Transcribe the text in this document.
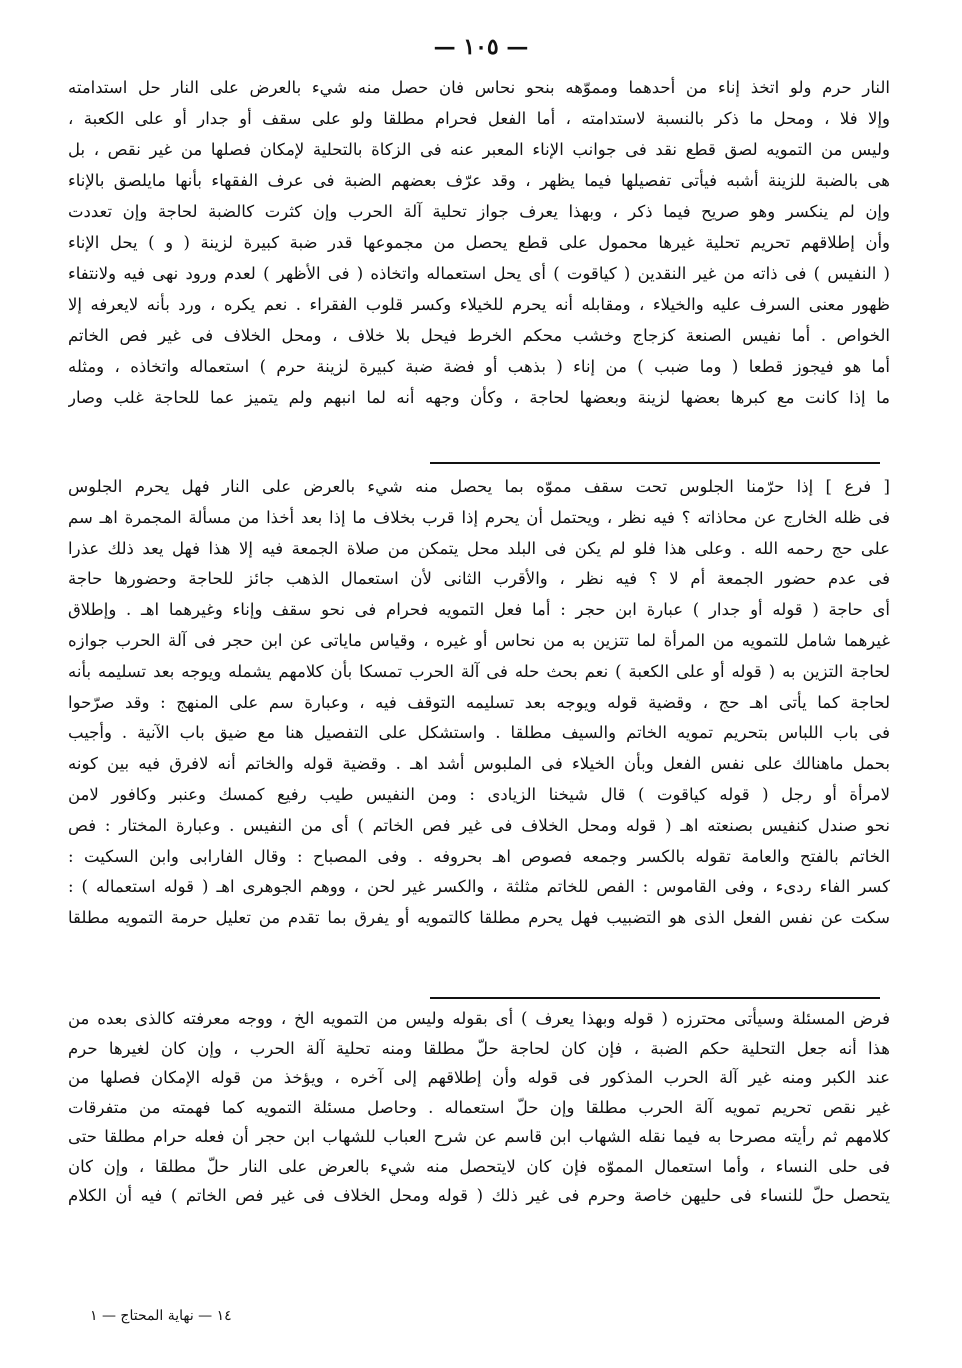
— ١٠٥ —
النار حرم ولو اتخذ إناء من أحدهما ومموّهه بنحو نحاس فان حصل منه شيء بالعرض على النار حل استدامته
وإلا فلا ، ومحل ما ذكر بالنسبة لاستدامته ، أما الفعل فحرام مطلقا ولو على سقف أو جدار أو على الكعبة ،
وليس من التمويه لصق قطع نقد فى جوانب الإناء المعبر عنه فى الزكاة بالتحلية لإمكان فصلها من غير نقص ، بل
هى بالضبة للزينة أشبه فيأتى تفصيلها فيما يظهر ، وقد عرّف بعضهم الضبة فى عرف الفقهاء بأنها مايلصق بالإناء
وإن لم ينكسر وهو صريح فيما ذكر ، وبهذا يعرف جواز تحلية آلة الحرب وإن كثرت كالضبة لحاجة وإن تعددت
وأن إطلاقهم تحريم تحلية غيرها محمول على قطع يحصل من مجموعها قدر ضبة كبيرة لزينة ( و ) يحل الإناء
( النفيس ) فى ذاته من غير النقدين ( كياقوت ) أى يحل استعماله واتخاذه ( فى الأظهر ) لعدم ورود نهى فيه ولانتفاء
ظهور معنى السرف عليه والخيلاء ، ومقابله أنه يحرم للخيلاء وكسر قلوب الفقراء . نعم يكره ، ورد بأنه لايعرفه إلا
الخواص . أما نفيس الصنعة كزجاج وخشب محكم الخرط فيحل بلا خلاف ، ومحل الخلاف فى غير فص الخاتم
أما هو فيجوز قطعا ( وما ضبب ) من إناء ( بذهب أو فضة ضبة كبيرة لزينة حرم ) استعماله واتخاذه ، ومثله
ما إذا كانت مع كبرها بعضها لزينة وبعضها لحاجة ، وكأن وجهه أنه لما انبهم ولم يتميز عما للحاجة غلب وصار
[ فرع ] إذا حرّمنا الجلوس تحت سقف مموّه بما يحصل منه شيء بالعرض على النار فهل يحرم الجلوس
فى ظله الخارج عن محاذاته ؟ فيه نظر ، ويحتمل أن يحرم إذا قرب بخلاف ما إذا بعد أخذا من مسألة المجمرة اهـ سم
على حج رحمه الله . وعلى هذا فلو لم يكن فى البلد محل يتمكن من صلاة الجمعة فيه إلا هذا فهل يعد ذلك عذرا
فى عدم حضور الجمعة أم لا ؟ فيه نظر ، والأقرب الثانى لأن استعمال الذهب جائز للحاجة وحضورها حاجة
أى حاجة ( قوله أو جدار ) عبارة ابن حجر : أما فعل التمويه فحرام فى نحو سقف وإناء وغيرهما اهـ . وإطلاق
غيرهما شامل للتمويه من المرأة لما تتزين به من نحاس أو غيره ، وقياس ماياتى عن ابن حجر فى آلة الحرب جوازه
لحاجة التزين به ( قوله أو على الكعبة ) نعم بحث حله فى آلة الحرب تمسكا بأن كلامهم يشمله ويوجه بعد تسليمه بأنه
لحاجة كما يأتى اهـ حج ، وقضية قوله ويوجه بعد تسليمه التوقف فيه ، وعبارة سم على المنهج : وقد صرّحوا
فى باب اللباس بتحريم تمويه الخاتم والسيف مطلقا . واستشكل على التفصيل هنا مع ضيق باب الآنية . وأجيب
بحمل ماهنالك على نفس الفعل وبأن الخيلاء فى الملبوس أشد اهـ . وقضية قوله والخاتم أنه لافرق فيه بين كونه
لامرأة أو رجل ( قوله كياقوت ) قال شيخنا الزيادى : ومن النفيس طيب رفيع كمسك وعنبر وكافور لامن
نحو صندل كنفيس بصنعته اهـ ( قوله ومحل الخلاف فى غير فص الخاتم ) أى من النفيس . وعبارة المختار : فص
الخاتم بالفتح والعامة تقوله بالكسر وجمعه فصوص اهـ بحروفه . وفى المصباح : وقال الفارابى وابن السكيت :
كسر الفاء ردىء ، وفى القاموس : الفص للخاتم مثلثة ، والكسر غير لحن ، ووهم الجوهرى اهـ ( قوله استعماله ) :
سكت عن نفس الفعل الذى هو التضبيب فهل يحرم مطلقا كالتمويه أو يفرق بما تقدم من تعليل حرمة التمويه مطلقا
فرض المسئلة وسيأتى محترزه ( قوله وبهذا يعرف ) أى بقوله وليس من التمويه الخ ، ووجه معرفته كالذى بعده من
هذا أنه جعل التحلية حكم الضبة ، فإن كان لحاجة حلّ مطلقا ومنه تحلية آلة الحرب ، وإن كان لغيرها حرم
عند الكبر ومنه غير آلة الحرب المذكور فى قوله وأن إطلاقهم إلى آخره ، ويؤخذ من قوله الإمكان فصلها من
غير نقص تحريم تمويه آلة الحرب مطلقا وإن حلّ استعماله . وحاصل مسئلة التمويه كما فهمته من متفرقات
كلامهم ثم رأيته مصرحا به فيما نقله الشهاب ابن قاسم عن شرح العباب للشهاب ابن حجر أن فعله حرام مطلقا حتى
فى حلى النساء ، وأما استعمال المموّه فإن كان لايتحصل منه شيء بالعرض على النار حلّ مطلقا ، وإن كان
يتحصل حلّ للنساء فى حليهن خاصة وحرم فى غير ذلك ( قوله ومحل الخلاف فى غير فص الخاتم ) فيه أن الكلام
١٤ — نهاية المحتاج — ١
